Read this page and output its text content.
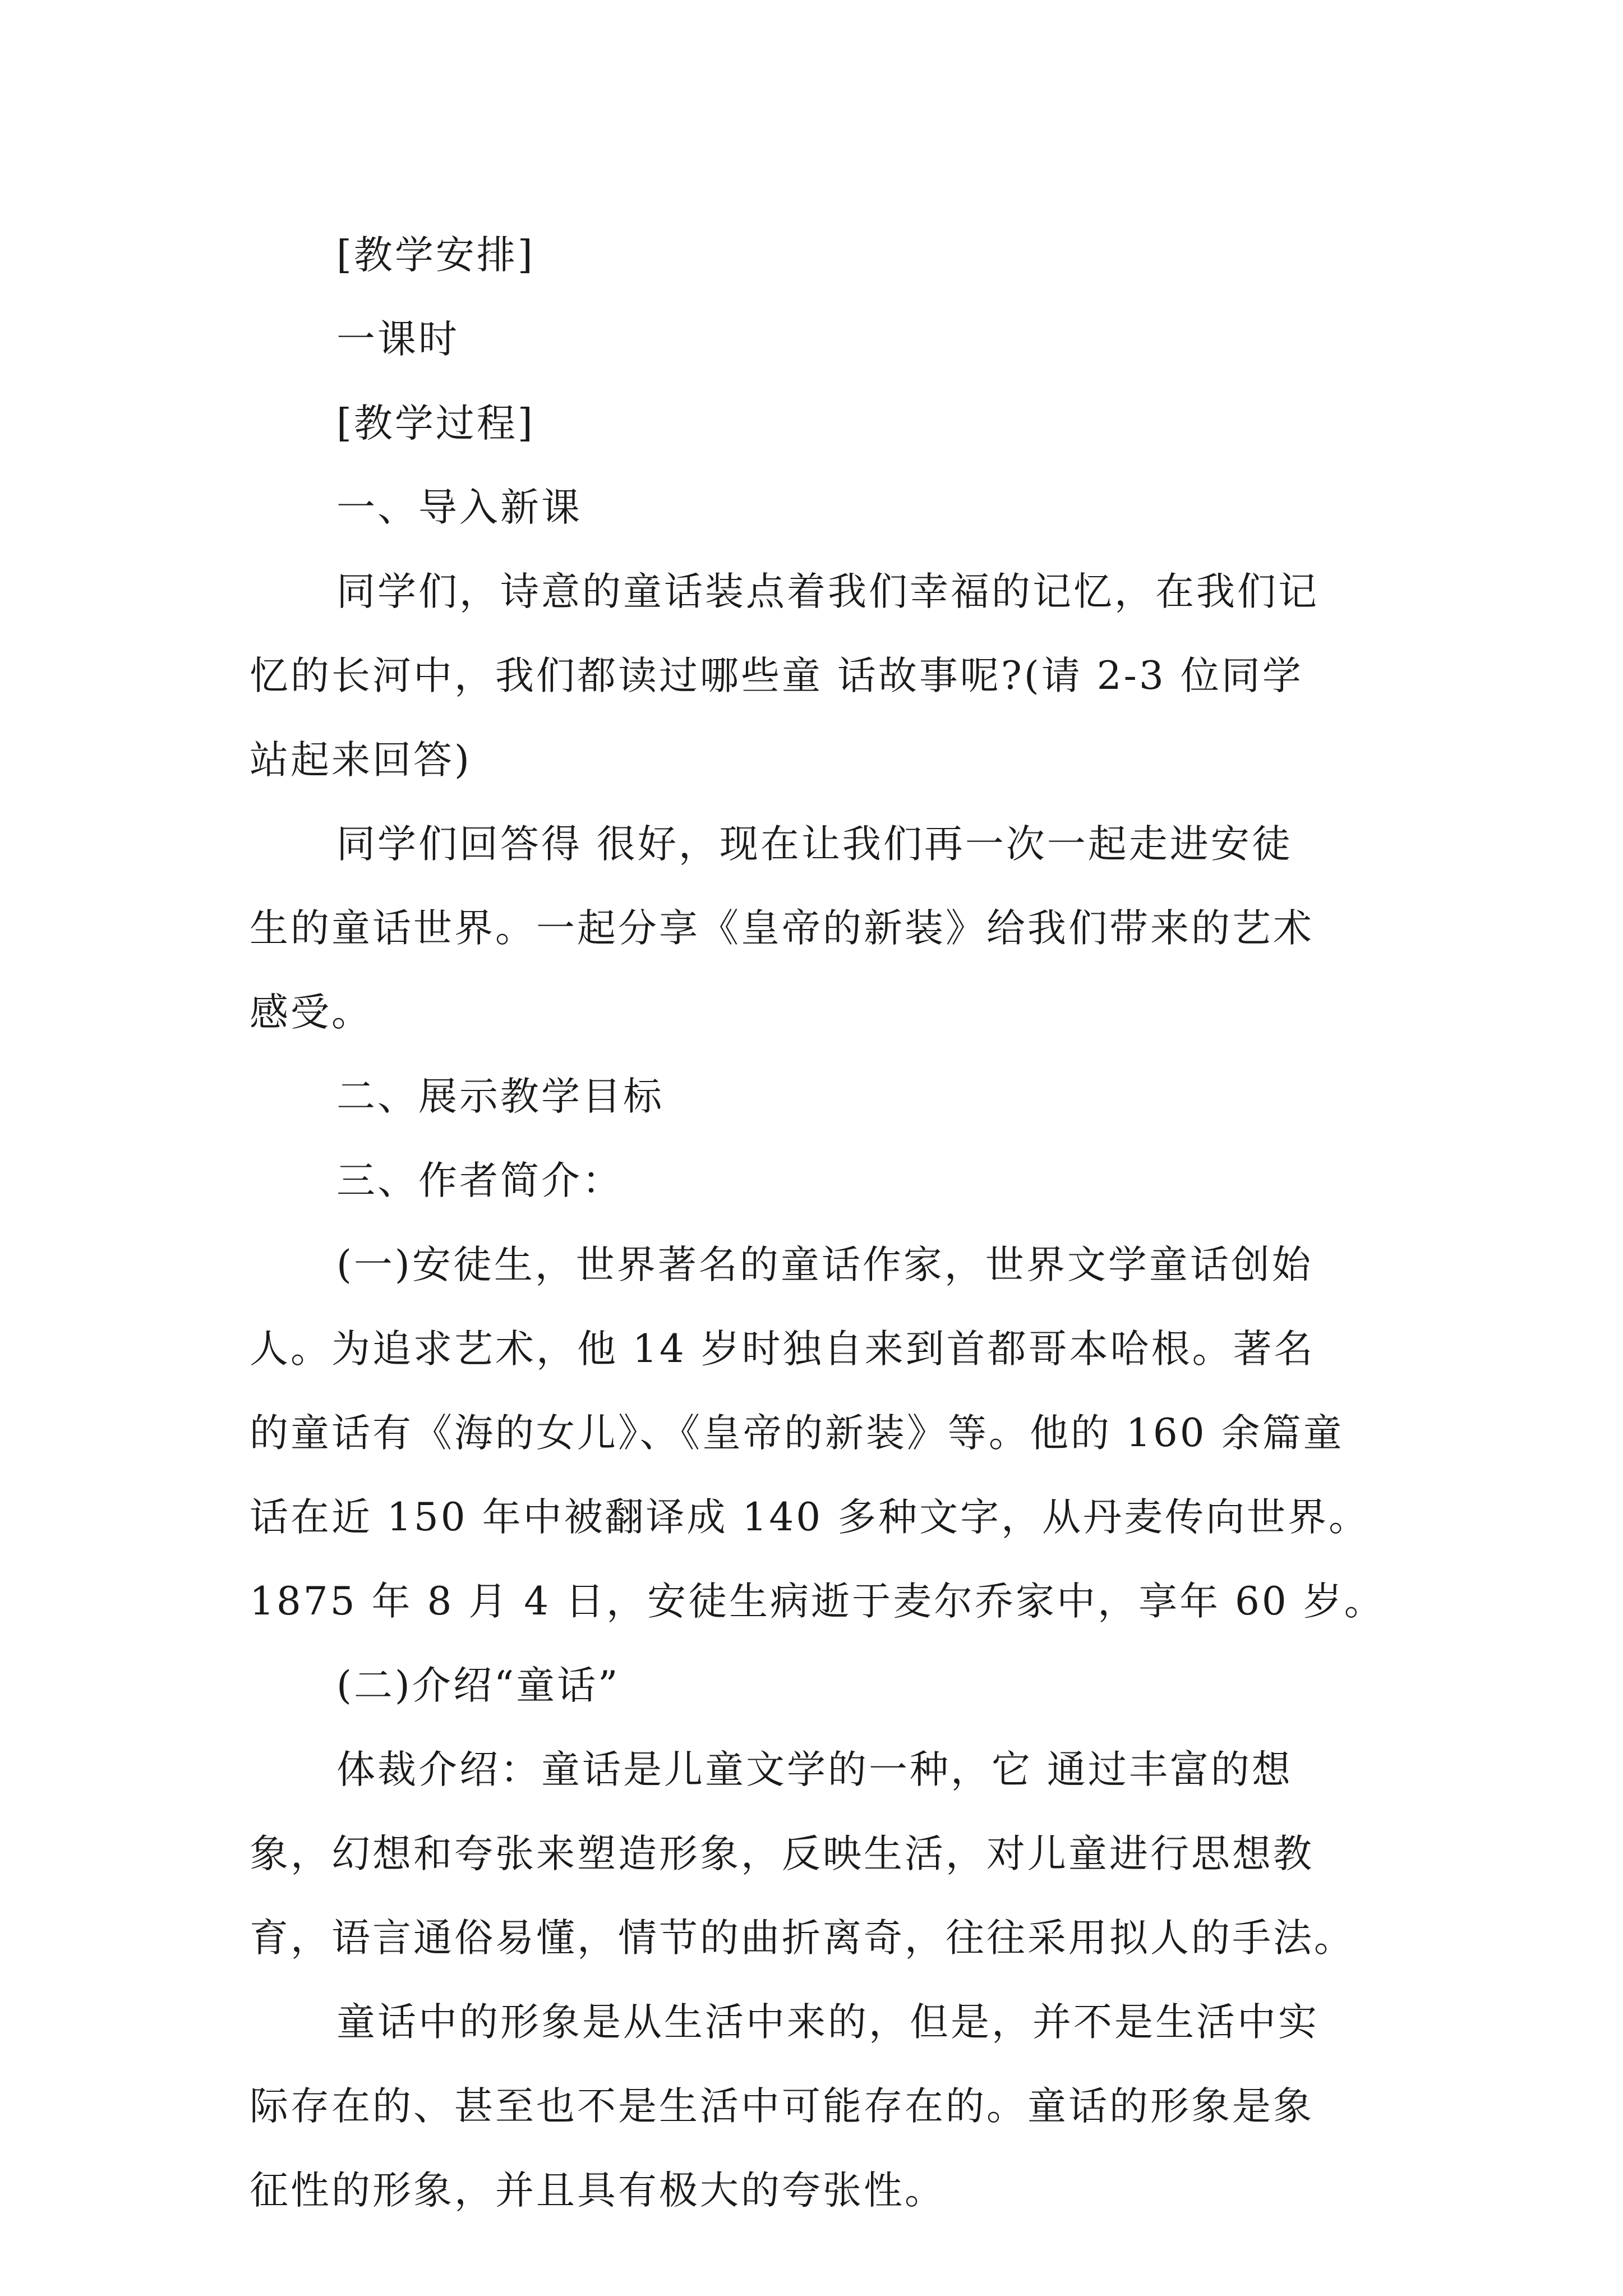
[教学安排]

一课时

[教学过程]

一、导入新课

同学们，诗意的童话装点着我们幸福的记忆，在我们记

忆的长河中，我们都读过哪些童 话故事呢?(请 2-3 位同学

站起来回答)

同学们回答得 很好，现在让我们再一次一起走进安徒

生的童话世界。一起分享《皇帝的新装》给我们带来的艺术

感受。

二、展示教学目标

三、作者简介：

(一)安徒生，世界著名的童话作家，世界文学童话创始

人。为追求艺术，他 14 岁时独自来到首都哥本哈根。著名

的童话有《海的女儿》、《皇帝的新装》等。他的 160 余篇童

话在近 150 年中被翻译成 140 多种文字，从丹麦传向世界。

1875 年 8 月 4 日，安徒生病逝于麦尔乔家中，享年 60 岁。

(二)介绍“童话”

体裁介绍：童话是儿童文学的一种，它 通过丰富的想

象，幻想和夸张来塑造形象，反映生活，对儿童进行思想教

育，语言通俗易懂，情节的曲折离奇，往往采用拟人的手法。

童话中的形象是从生活中来的，但是，并不是生活中实

际存在的、甚至也不是生活中可能存在的。童话的形象是象

征性的形象，并且具有极大的夸张性。
